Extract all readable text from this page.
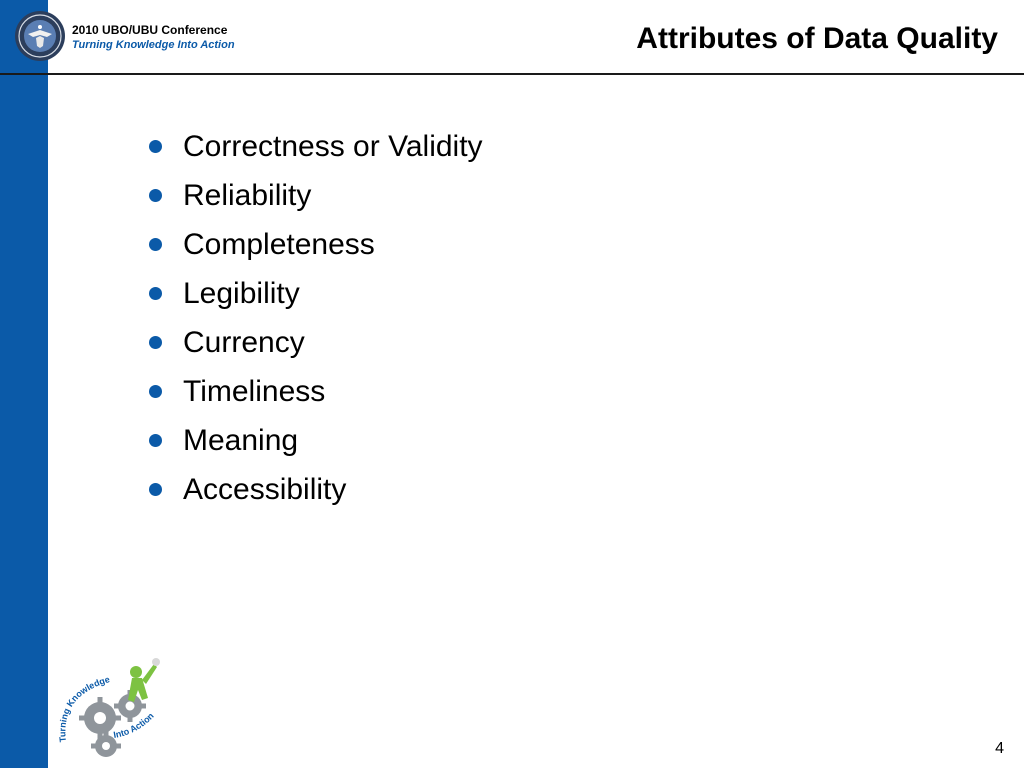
2010 UBO/UBU Conference
Turning Knowledge Into Action	Attributes of Data Quality
Correctness or Validity
Reliability
Completeness
Legibility
Currency
Timeliness
Meaning
Accessibility
Turning Knowledge
Into Action
4
